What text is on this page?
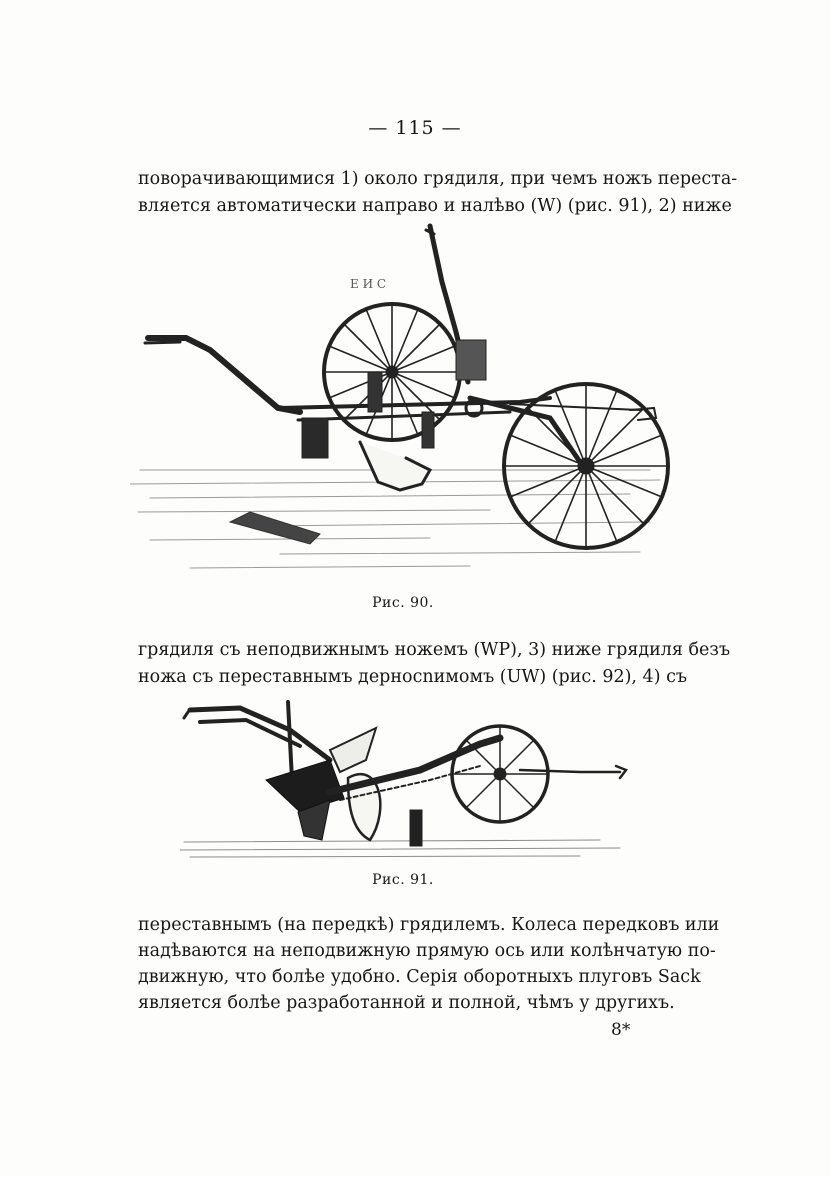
— 115 —

поворачивающимися 1) около грядиля, при чемъ ножъ переста-
вляется автоматически направо и налѣво (W) (рис. 91), 2) ниже

Е И С
Рис. 90.

грядиля съ неподвижнымъ ножемъ (WP), 3) ниже грядиля безъ
ножа съ переставнымъ дерносnимомъ (UW) (рис. 92), 4) съ

Рис. 91.

переставнымъ (на передкѣ) грядилемъ. Колеса передковъ или
надѣваются на неподвижную прямую ось или колѣнчатую по-
движную, что болѣе удобно. Серія оборотныхъ плуговъ Sack
является болѣе разработанной и полной, чѣмъ у другихъ.

8*
